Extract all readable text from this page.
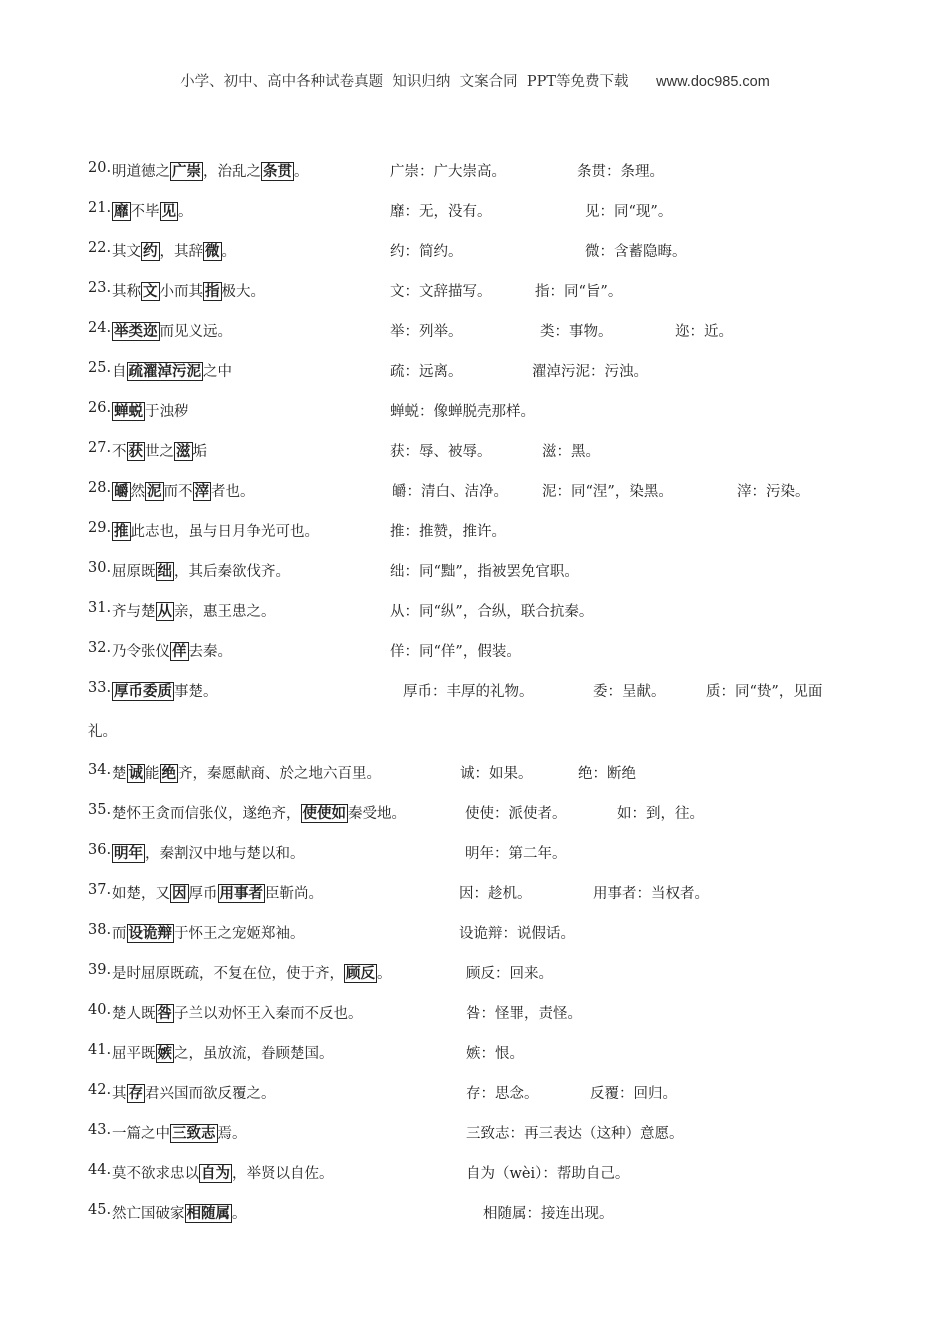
小学、初中、高中各种试卷真题  知识归纳  文案合同  PPT等免费下载 www.doc985.com
20. 明道德之 广崇 ，治乱之 条贯 。	广崇：广大崇高。	条贯：条理。
21. 靡 不毕 见 。	靡：无，没有。	见：同“现”。
22. 其文 约 ，其辞 微 。	约：简约。	微：含蓄隐晦。
23. 其称 文 小而其 指 极大。	文：文辞描写。	指：同“旨”。
24. 举类迩 而见义远。	举：列举。	类：事物。	迩：近。
25. 自 疏濯淖污泥 之中	疏：远离。	濯淖污泥：污浊。
26. 蝉蜕 于浊秽	蝉蜕：像蝉脱壳那样。
27. 不 获 世之 滋 垢	获：辱、被辱。	滋：黑。
28. 皭 然 泥 而不 滓 者也。	皭：清白、洁净。 泥：同“涅”，染黑。	滓：污染。
29. 推 此志也，虽与日月争光可也。	推：推赞，推许。
30. 屈原既 绌 ，其后秦欲伐齐。	绌：同“黜”，指被罢免官职。
31. 齐与楚 从 亲，惠王患之。	从：同“纵”，合纵，联合抗秦。
32. 乃令张仪 佯 去秦。	佯：同“佯”，假装。
33. 厚币委质 事楚。	厚币：丰厚的礼物。	委：呈献。	质：同“贽”，见面
礼。
34. 楚 诚 能 绝 齐，秦愿献商、於之地六百里。	诚：如果。	绝：断绝
35. 楚怀王贪而信张仪，遂绝齐， 使使如 秦受地。	使使：派使者。	如：到，往。
36. 明年 ，秦割汉中地与楚以和。	明年：第二年。
37. 如楚，又 因 厚币 用事者 臣靳尚。	因：趁机。	用事者：当权者。
38. 而 设诡辩 于怀王之宠姬郑袖。	设诡辩：说假话。
39. 是时屈原既疏，不复在位，使于齐， 顾反 。	顾反：回来。
40. 楚人既 咎 子兰以劝怀王入秦而不反也。	咎：怪罪，责怪。
41. 屈平既 嫉 之，虽放流，眷顾楚国。	嫉：恨。
42. 其 存 君兴国而欲反覆之。	存：思念。	反覆：回归。
43. 一篇之中 三致志 焉。	三致志：再三表达（这种）意愿。
44. 莫不欲求忠以 自为 ，举贤以自佐。	自为（wèi）：帮助自己。
45. 然亡国破家 相随属 。	相随属：接连出现。
